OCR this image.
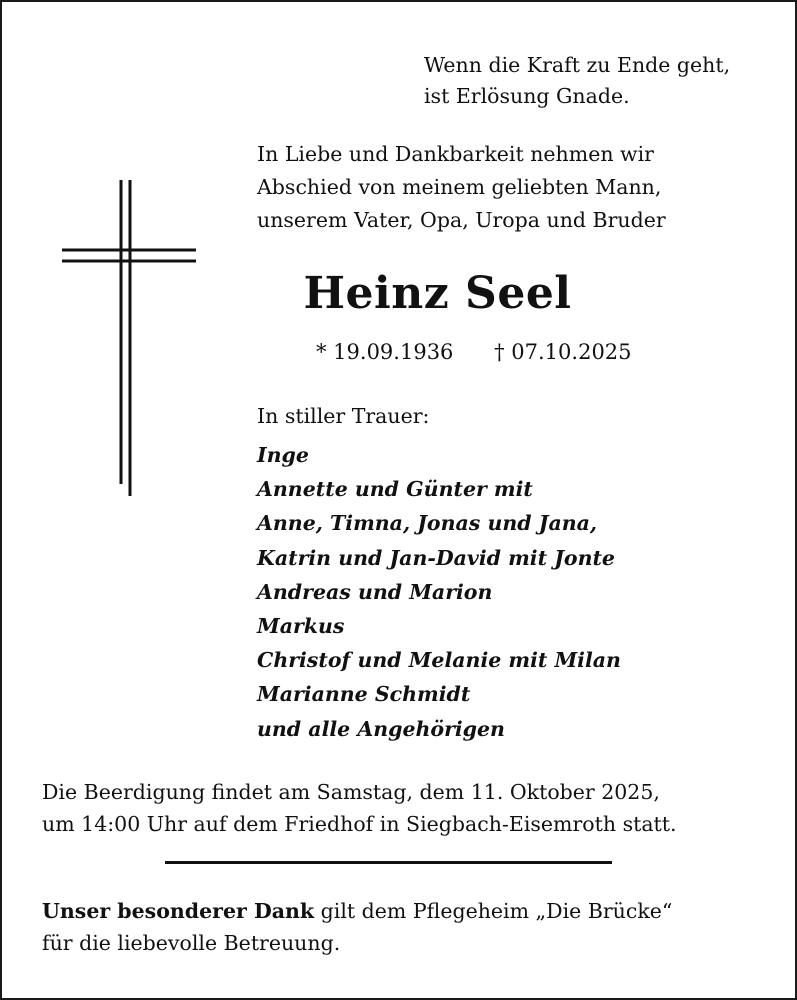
Wenn die Kraft zu Ende geht,
ist Erlösung Gnade.
In Liebe und Dankbarkeit nehmen wir
Abschied von meinem geliebten Mann,
unserem Vater, Opa, Uropa und Bruder
Heinz Seel
* 19.09.1936 † 07.10.2025
In stiller Trauer:
Inge
Annette und Günter mit
Anne, Timna, Jonas und Jana,
Katrin und Jan-David mit Jonte
Andreas und Marion
Markus
Christof und Melanie mit Milan
Marianne Schmidt
und alle Angehörigen
Die Beerdigung findet am Samstag, dem 11. Oktober 2025,
um 14:00 Uhr auf dem Friedhof in Siegbach-Eisemroth statt.
Unser besonderer Dank gilt dem Pflegeheim „Die Brücke“
für die liebevolle Betreuung.
